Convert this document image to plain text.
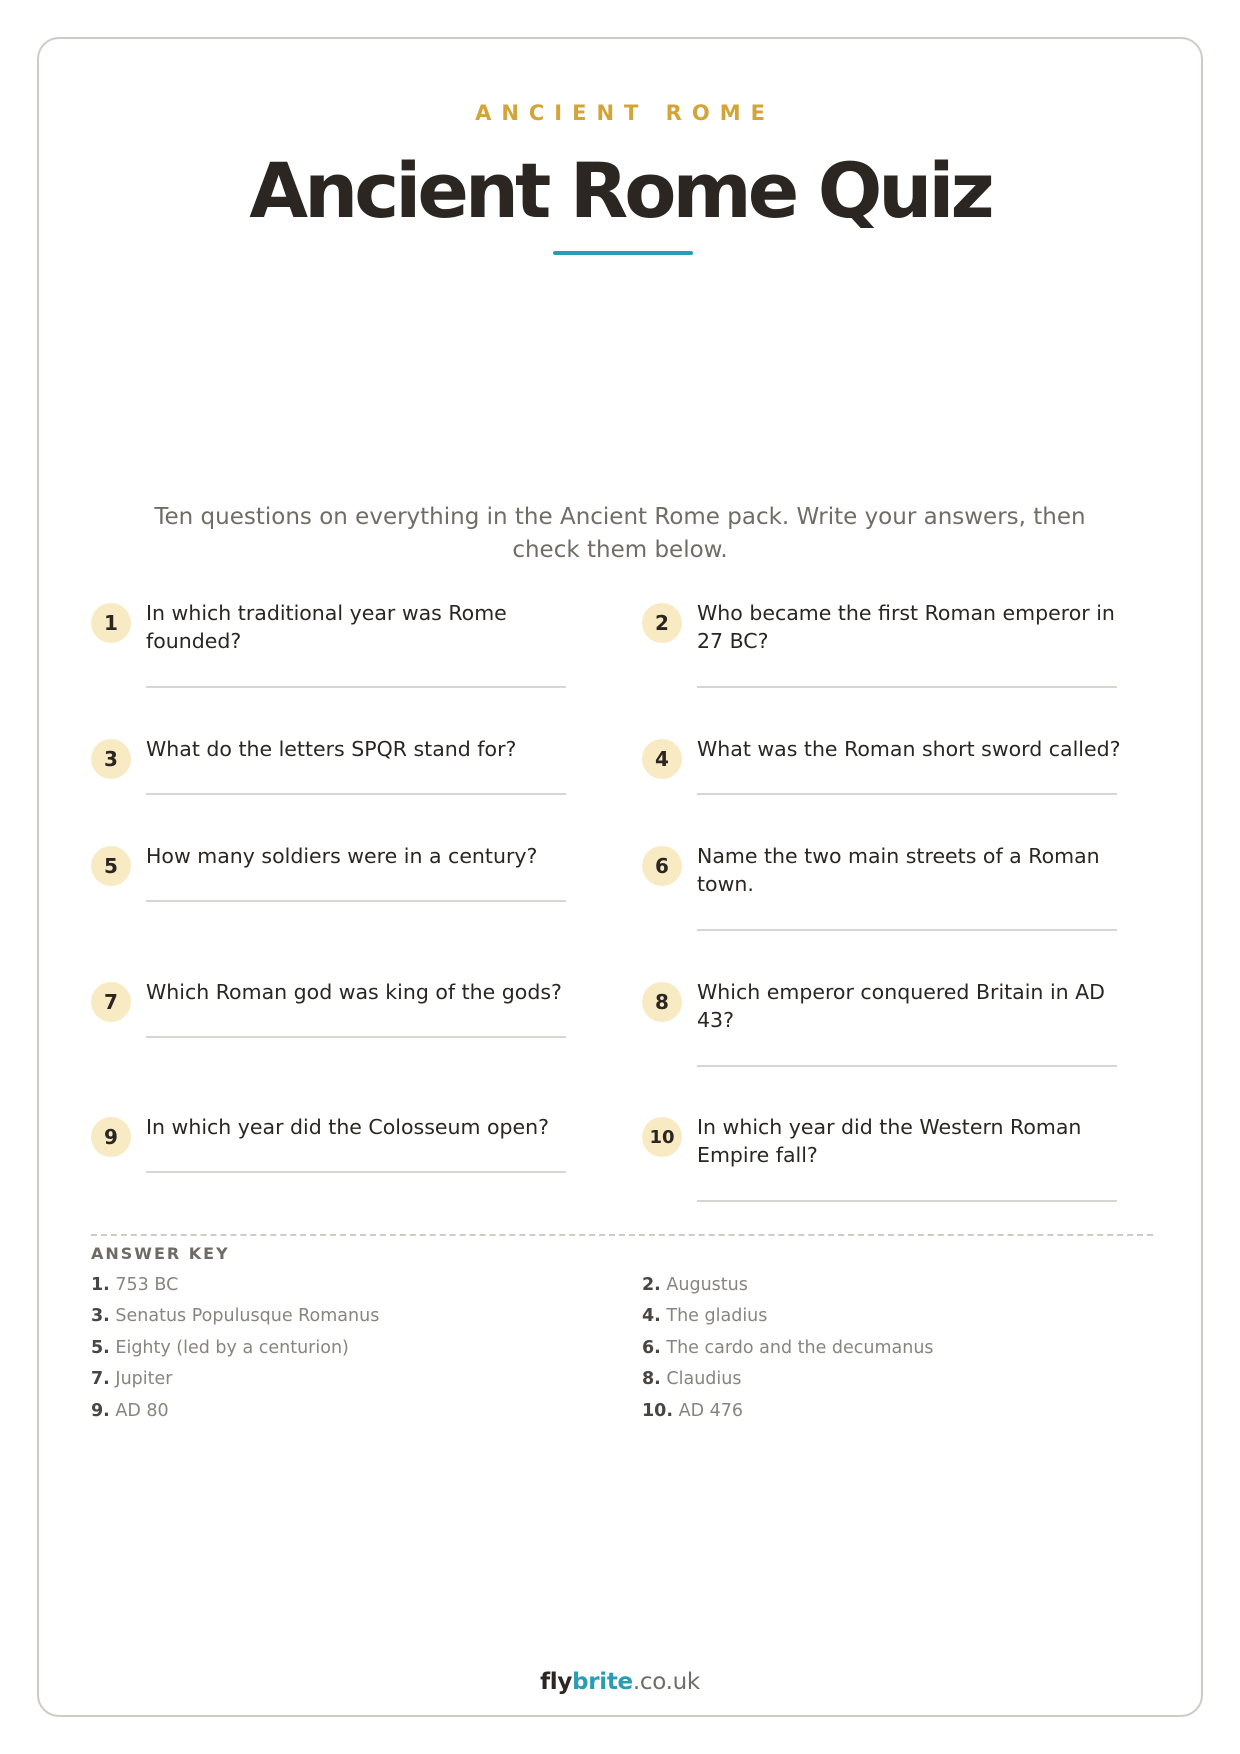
ANCIENT ROME
Ancient Rome Quiz
Ten questions on everything in the Ancient Rome pack. Write your answers, then check them below.
1	In which traditional year was Rome founded?
2	Who became the first Roman emperor in 27 BC?
3	What do the letters SPQR stand for?	4	What was the Roman short sword called?
5	How many soldiers were in a century?	6	Name the two main streets of a Roman town.
7	Which Roman god was king of the gods?	8	Which emperor conquered Britain in AD 43?
9	In which year did the Colosseum open?	10	In which year did the Western Roman Empire fall?
ANSWER KEY
1. 753 BC	2. Augustus
3. Senatus Populusque Romanus	4. The gladius
5. Eighty (led by a centurion)	6. The cardo and the decumanus
7. Jupiter	8. Claudius
9. AD 80	10. AD 476
flybrite.co.uk
